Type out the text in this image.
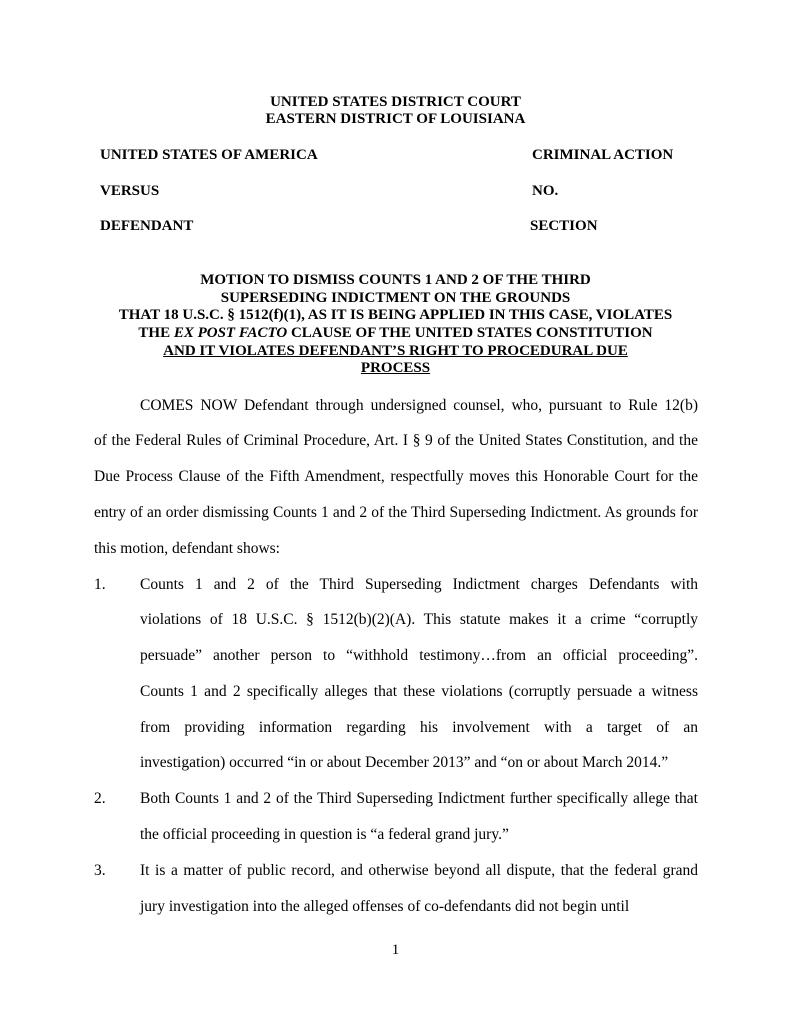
UNITED STATES DISTRICT COURT
EASTERN DISTRICT OF LOUISIANA
UNITED STATES OF AMERICA	CRIMINAL ACTION
VERSUS	NO.
DEFENDANT	SECTION
MOTION TO DISMISS COUNTS 1 AND 2 OF THE THIRD
SUPERSEDING INDICTMENT ON THE GROUNDS
THAT 18 U.S.C. § 1512(f)(1), AS IT IS BEING APPLIED IN THIS CASE, VIOLATES
THE EX POST FACTO CLAUSE OF THE UNITED STATES CONSTITUTION
AND IT VIOLATES DEFENDANT’S RIGHT TO PROCEDURAL DUE
PROCESS
COMES NOW Defendant through undersigned counsel, who, pursuant to Rule 12(b)
of the Federal Rules of Criminal Procedure, Art. I § 9 of the United States Constitution, and the
Due Process Clause of the Fifth Amendment, respectfully moves this Honorable Court for the
entry of an order dismissing Counts 1 and 2 of the Third Superseding Indictment. As grounds for
this motion, defendant shows:
1. Counts 1 and 2 of the Third Superseding Indictment charges Defendants with
violations of 18 U.S.C. § 1512(b)(2)(A). This statute makes it a crime “corruptly
persuade” another person to “withhold testimony…from an official proceeding”.
Counts 1 and 2 specifically alleges that these violations (corruptly persuade a witness
from providing information regarding his involvement with a target of an
investigation) occurred “in or about December 2013” and “on or about March 2014.”
2. Both Counts 1 and 2 of the Third Superseding Indictment further specifically allege that
the official proceeding in question is “a federal grand jury.”
3. It is a matter of public record, and otherwise beyond all dispute, that the federal grand
jury investigation into the alleged offenses of co-defendants did not begin until
1
